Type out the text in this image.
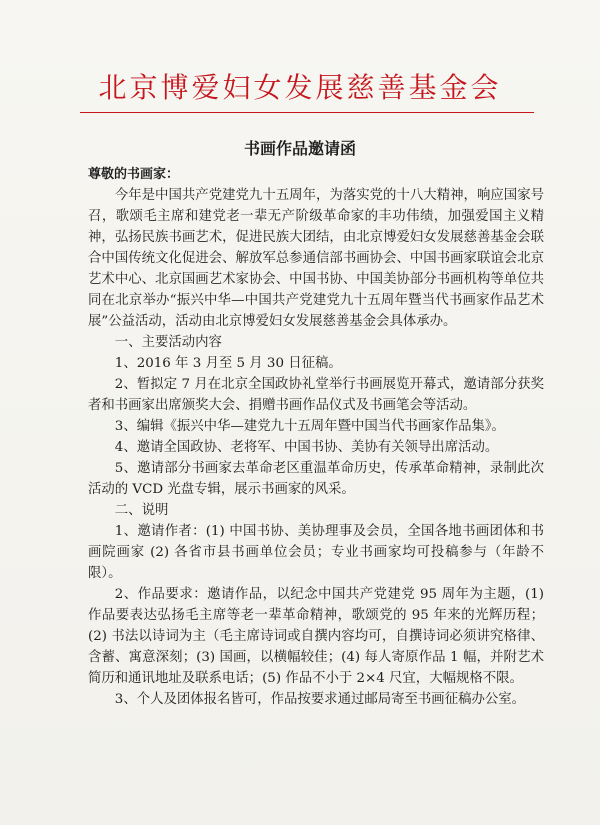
北京博爱妇女发展慈善基金会
书画作品邀请函
尊敬的书画家：

今年是中国共产党建党九十五周年，为落实党的十八大精神，响应国家号召，歌颂毛主席和建党老一辈无产阶级革命家的丰功伟绩，加强爱国主义精神，弘扬民族书画艺术，促进民族大团结，由北京博爱妇女发展慈善基金会联合中国传统文化促进会、解放军总参通信部书画协会、中国书画家联谊会北京艺术中心、北京国画艺术家协会、中国书协、中国美协部分书画机构等单位共同在北京举办“振兴中华—中国共产党建党九十五周年暨当代书画家作品艺术展”公益活动，活动由北京博爱妇女发展慈善基金会具体承办。

一、主要活动内容

1、2016 年 3 月至 5 月 30 日征稿。

2、暂拟定 7 月在北京全国政协礼堂举行书画展览开幕式，邀请部分获奖者和书画家出席颁奖大会、捐赠书画作品仪式及书画笔会等活动。

3、编辑《振兴中华—建党九十五周年暨中国当代书画家作品集》。

4、邀请全国政协、老将军、中国书协、美协有关领导出席活动。

5、邀请部分书画家去革命老区重温革命历史，传承革命精神，录制此次活动的 VCD 光盘专辑，展示书画家的风采。

二、说明

1、邀请作者：(1) 中国书协、美协理事及会员，全国各地书画团体和书画院画家 (2) 各省市县书画单位会员；专业书画家均可投稿参与（年龄不限）。

2、作品要求：邀请作品，以纪念中国共产党建党 95 周年为主题，(1) 作品要表达弘扬毛主席等老一辈革命精神，歌颂党的 95 年来的光辉历程；(2) 书法以诗词为主（毛主席诗词或自撰内容均可，自撰诗词必须讲究格律、含蓄、寓意深刻；(3) 国画，以横幅较佳；(4) 每人寄原作品 1 幅，并附艺术简历和通讯地址及联系电话；(5) 作品不小于 2×4 尺宜，大幅规格不限。

3、个人及团体报名皆可，作品按要求通过邮局寄至书画征稿办公室。
